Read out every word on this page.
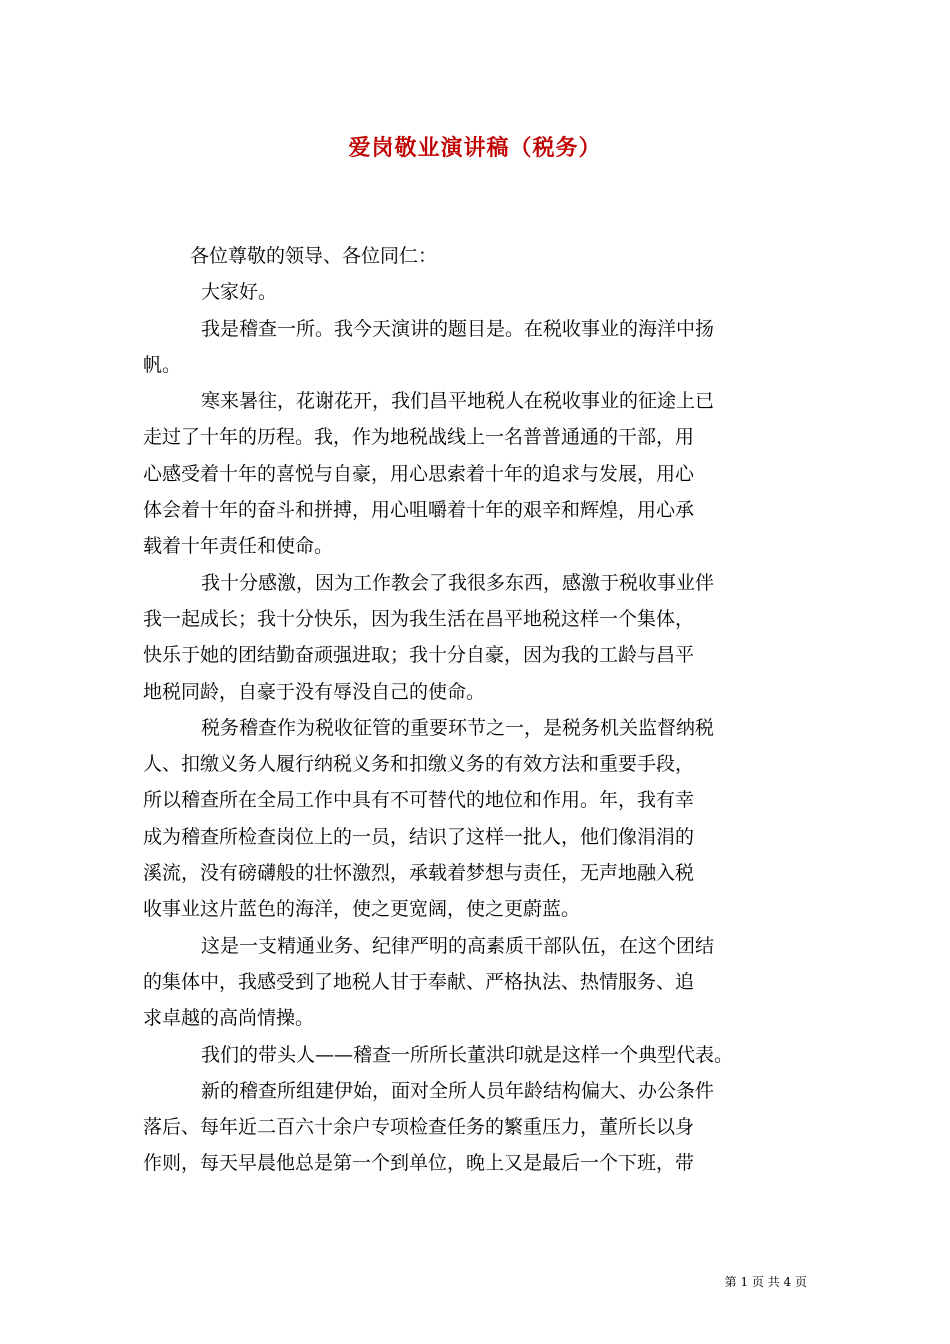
爱岗敬业演讲稿（税务）
各位尊敬的领导、各位同仁：
大家好。
我是稽查一所。我今天演讲的题目是。在税收事业的海洋中扬
帆。
寒来暑往，花谢花开，我们昌平地税人在税收事业的征途上已
走过了十年的历程。我，作为地税战线上一名普普通通的干部，用
心感受着十年的喜悦与自豪，用心思索着十年的追求与发展，用心
体会着十年的奋斗和拼搏，用心咀嚼着十年的艰辛和辉煌，用心承
载着十年责任和使命。
我十分感激，因为工作教会了我很多东西，感激于税收事业伴
我一起成长；我十分快乐，因为我生活在昌平地税这样一个集体，
快乐于她的团结勤奋顽强进取；我十分自豪，因为我的工龄与昌平
地税同龄，自豪于没有辱没自己的使命。
税务稽查作为税收征管的重要环节之一，是税务机关监督纳税
人、扣缴义务人履行纳税义务和扣缴义务的有效方法和重要手段，
所以稽查所在全局工作中具有不可替代的地位和作用。年，我有幸
成为稽查所检查岗位上的一员，结识了这样一批人，他们像涓涓的
溪流，没有磅礴般的壮怀激烈，承载着梦想与责任，无声地融入税
收事业这片蓝色的海洋，使之更宽阔，使之更蔚蓝。
这是一支精通业务、纪律严明的高素质干部队伍，在这个团结
的集体中，我感受到了地税人甘于奉献、严格执法、热情服务、追
求卓越的高尚情操。
我们的带头人——稽查一所所长董洪印就是这样一个典型代表。
新的稽查所组建伊始，面对全所人员年龄结构偏大、办公条件
落后、每年近二百六十余户专项检查任务的繁重压力，董所长以身
作则，每天早晨他总是第一个到单位，晚上又是最后一个下班，带
第 1 页 共 4 页
